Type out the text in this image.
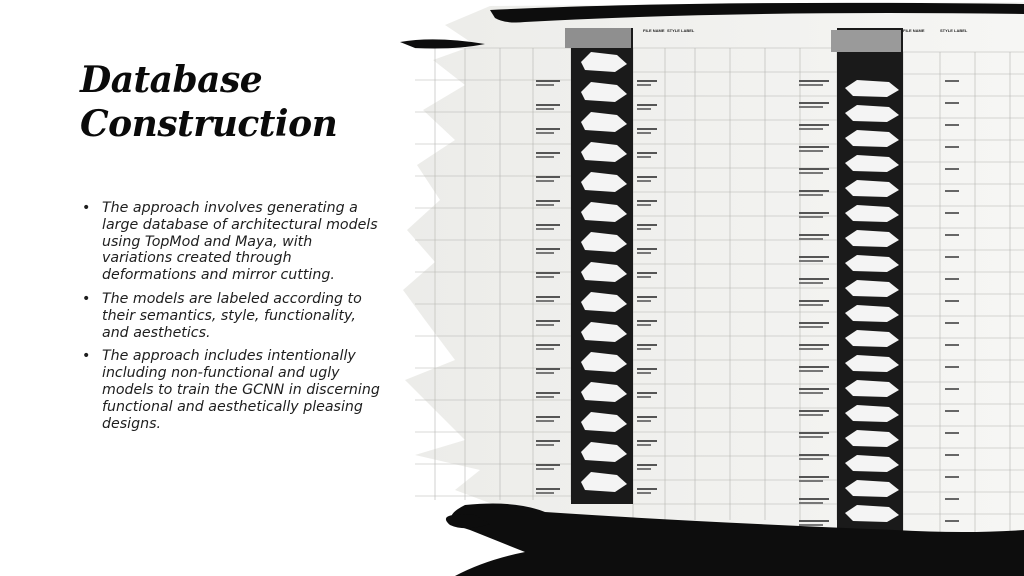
Database
Construction
• The approach involves generating a large database of architectural models using TopMod and Maya, with variations created through deformations and mirror cutting.
• The models are labeled according to their semantics, style, functionality, and aesthetics.
• The approach includes intentionally including non-functional and ugly models to train the GCNN in discerning functional and aesthetically pleasing designs.
FILE NAME STYLE LABEL	FILE NAME	STYLE LABEL
